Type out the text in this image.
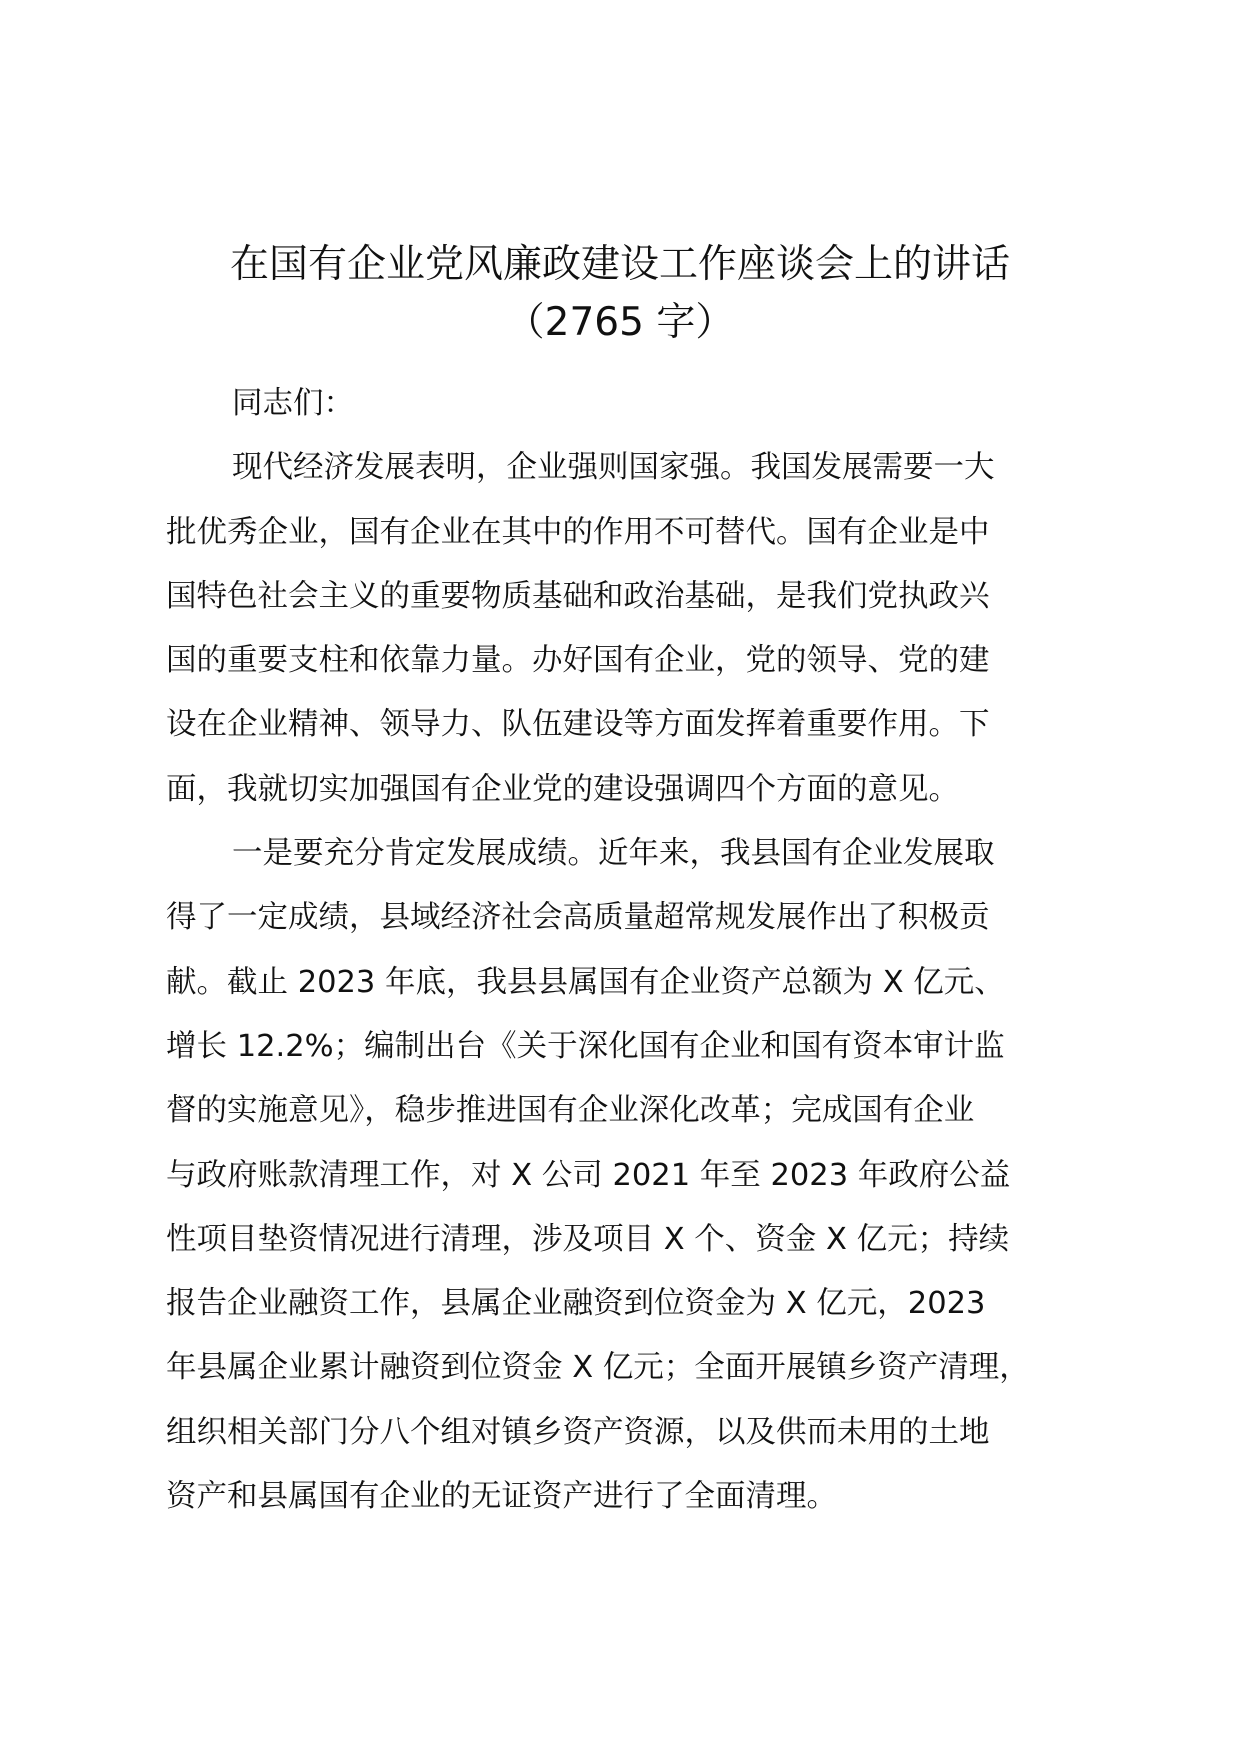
在国有企业党风廉政建设工作座谈会上的讲话
（2765 字）
同志们：
现代经济发展表明，企业强则国家强。我国发展需要一大
批优秀企业，国有企业在其中的作用不可替代。国有企业是中
国特色社会主义的重要物质基础和政治基础，是我们党执政兴
国的重要支柱和依靠力量。办好国有企业，党的领导、党的建
设在企业精神、领导力、队伍建设等方面发挥着重要作用。下
面，我就切实加强国有企业党的建设强调四个方面的意见。
一是要充分肯定发展成绩。近年来，我县国有企业发展取
得了一定成绩，县域经济社会高质量超常规发展作出了积极贡
献。截止 2023 年底，我县县属国有企业资产总额为 X 亿元、
增长 12.2%；编制出台《关于深化国有企业和国有资本审计监
督的实施意见》，稳步推进国有企业深化改革；完成国有企业
与政府账款清理工作，对 X 公司 2021 年至 2023 年政府公益
性项目垫资情况进行清理，涉及项目 X 个、资金 X 亿元；持续
报告企业融资工作，县属企业融资到位资金为 X 亿元，2023
年县属企业累计融资到位资金 X 亿元；全面开展镇乡资产清理，
组织相关部门分八个组对镇乡资产资源，以及供而未用的土地
资产和县属国有企业的无证资产进行了全面清理。
